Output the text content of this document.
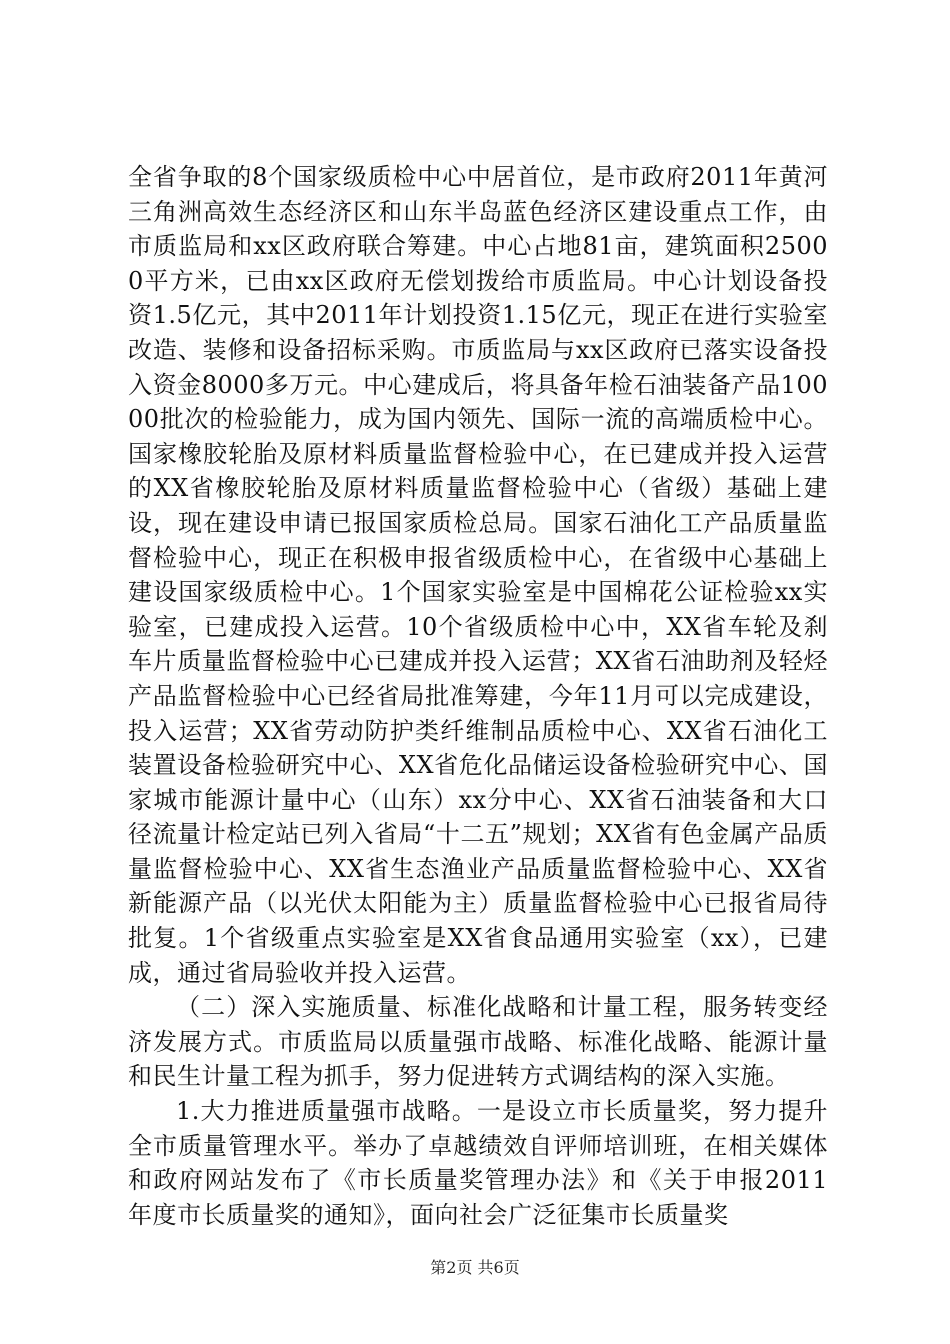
全省争取的8个国家级质检中心中居首位，是市政府2011年黄河三角洲高效生态经济区和山东半岛蓝色经济区建设重点工作，由市质监局和xx区政府联合筹建。中心占地81亩，建筑面积25000平方米，已由xx区政府无偿划拨给市质监局。中心计划设备投资1.5亿元，其中2011年计划投资1.15亿元，现正在进行实验室改造、装修和设备招标采购。市质监局与xx区政府已落实设备投入资金8000多万元。中心建成后，将具备年检石油装备产品10000批次的检验能力，成为国内领先、国际一流的高端质检中心。国家橡胶轮胎及原材料质量监督检验中心，在已建成并投入运营的XX省橡胶轮胎及原材料质量监督检验中心（省级）基础上建设，现在建设申请已报国家质检总局。国家石油化工产品质量监督检验中心，现正在积极申报省级质检中心，在省级中心基础上建设国家级质检中心。1个国家实验室是中国棉花公证检验xx实验室，已建成投入运营。10个省级质检中心中，XX省车轮及刹车片质量监督检验中心已建成并投入运营；XX省石油助剂及轻烃产品监督检验中心已经省局批准筹建，今年11月可以完成建设，投入运营；XX省劳动防护类纤维制品质检中心、XX省石油化工装置设备检验研究中心、XX省危化品储运设备检验研究中心、国家城市能源计量中心（山东）xx分中心、XX省石油装备和大口径流量计检定站已列入省局“十二五”规划；XX省有色金属产品质量监督检验中心、XX省生态渔业产品质量监督检验中心、XX省新能源产品（以光伏太阳能为主）质量监督检验中心已报省局待批复。1个省级重点实验室是XX省食品通用实验室（xx），已建成，通过省局验收并投入运营。

（二）深入实施质量、标准化战略和计量工程，服务转变经济发展方式。市质监局以质量强市战略、标准化战略、能源计量和民生计量工程为抓手，努力促进转方式调结构的深入实施。

1.大力推进质量强市战略。一是设立市长质量奖，努力提升全市质量管理水平。举办了卓越绩效自评师培训班，在相关媒体和政府网站发布了《市长质量奖管理办法》和《关于申报2011年度市长质量奖的通知》，面向社会广泛征集市长质量奖

第2页 共6页
